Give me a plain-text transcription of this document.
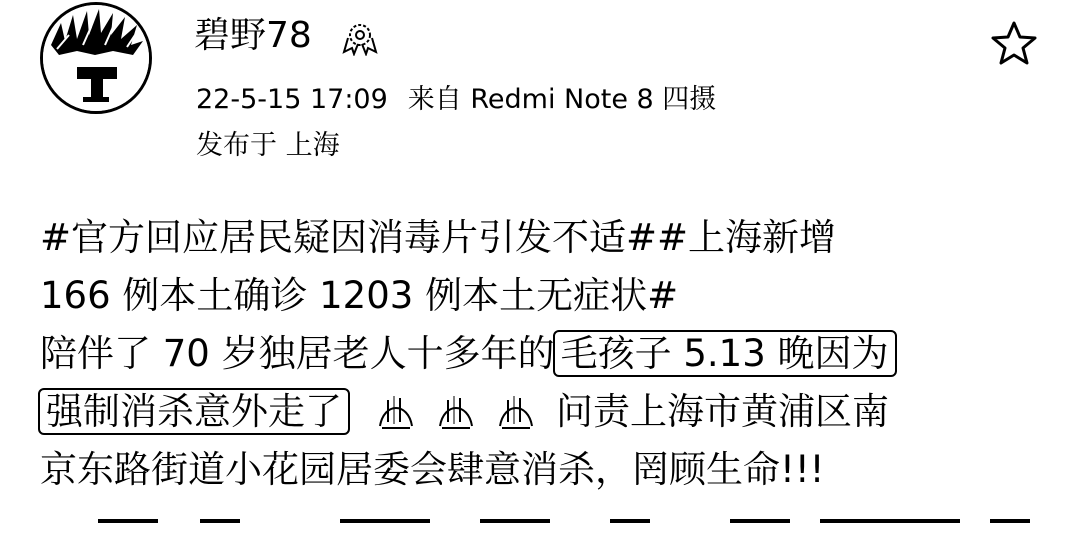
碧野78
22-5-15 17:09 来自 Redmi Note 8 四摄
发布于 上海
#官方回应居民疑因消毒片引发不适##上海新增
166 例本土确诊 1203 例本土无症状#
陪伴了 70 岁独居老人十多年的 毛孩子 5.13 晚因为
强制消杀意外走了	问责上海市黄浦区南
京东路街道小花园居委会肆意消杀，罔顾生命!!!
